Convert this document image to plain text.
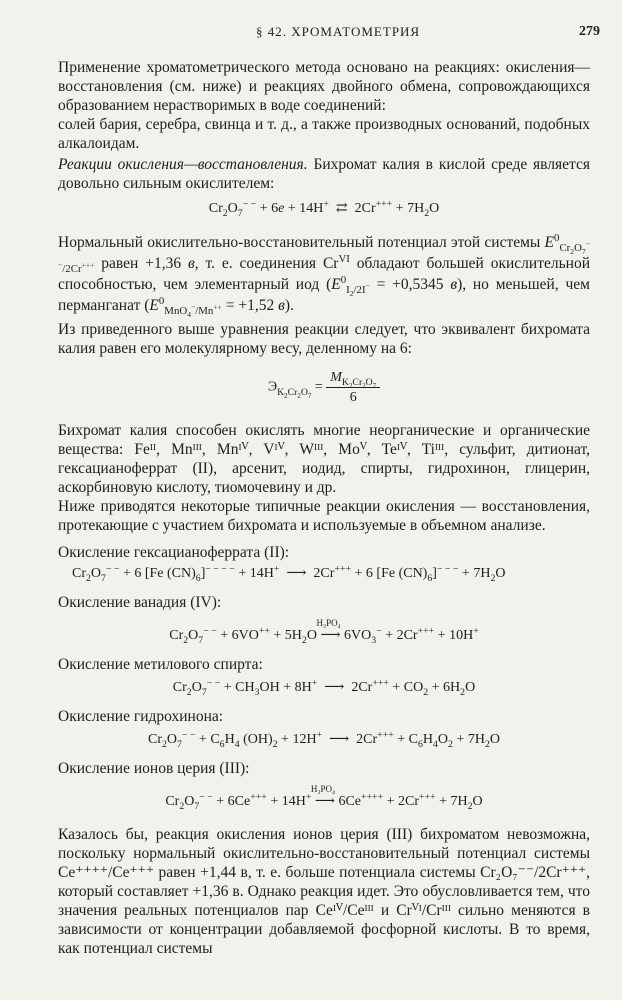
§ 42. ХРОМАТОМЕТРИЯ	279

Применение хроматометрического метода основано на реакциях: окисления—восстановления (см. ниже) и реакциях двойного обмена, сопровождающихся образованием нерастворимых в воде соединений:

солей бария, серебра, свинца и т. д., а также производных оснований, подобных алкалоидам.

Реакции окисления—восстановления. Бихромат калия в кислой среде является довольно сильным окислителем:

$Cr_2O_7^{- -} + 6e + 14H^+$  ⇄  $2Cr^{+++} + 7H_2O$

Нормальный окислительно-восстановительный потенциал этой системы $E^0_{Cr_2O_7^{- -}/2Cr^{+++}}$ равен +1,36 в, т. е. соединения $Cr^{VI}$ обладают большей окислительной способностью, чем элементарный иод ($E^0_{I_2/2I^-} = +0,5345$ в), но меньшей, чем перманганат ($E^0_{MnO_4^-/Mn^{++}} = +1,52$ в).

Из приведенного выше уравнения реакции следует, что эквивалент бихромата калия равен его молекулярному весу, деленному на 6:

$Э_{K_2Cr_2O_7} = \frac{M_{K_2Cr_2O_7}}{6}$

Бихромат калия способен окислять многие неорганические и органические вещества: Feᴵᴵ, Mnᴵᴵᴵ, Mnᴵⱽ, Vᴵⱽ, Wᴵᴵᴵ, Moⱽ, Teᴵⱽ, Tiᴵᴵᴵ, сульфит, дитионат, гексацианоферрат (II), арсенит, иодид, спирты, гидрохинон, глицерин, аскорбиновую кислоту, тиомочевину и др.

Ниже приводятся некоторые типичные реакции окисления — восстановления, протекающие с участием бихромата и используемые в объемном анализе.

Окисление гексацианоферрата (II):

$Cr_2O_7^{- -} + 6$ [Fe $(CN)_6]^{- - - -} + 14H^+$  ⟶  2Cr+++ + 6 [Fe $(CN)_6]^{- - -} + 7H_2O$

Окисление ванадия (IV):

$Cr_2O_7^{- -} + 6VO^{++} + 5H_2O$
H₃PO₄
⟶ $6VO_3^- + 2Cr^{+++} + 10H^+$

Окисление метилового спирта:

$Cr_2O_7^{- -} + CH_3OH + 8H^+$  ⟶  $2Cr^{+++} + CO_2 + 6H_2O$

Окисление гидрохинона:

$Cr_2O_7^{- -} + C_6H_4$ $(OH)_2 + 12H^+$  ⟶  $2Cr^{+++} + C_6H_4O_2 + 7H_2O$

Окисление ионов церия (III):

$Cr_2O_7^{- -} + 6Ce^{+++} + 14H^+$
H₃PO₄
⟶ $6Ce^{++++} + 2Cr^{+++} + 7H_2O$

Казалось бы, реакция окисления ионов церия (III) бихроматом невозможна, поскольку нормальный окислительно-восстановительный потенциал системы Ce⁺⁺⁺⁺/Ce⁺⁺⁺ равен +1,44 в, т. е. больше потенциала системы Cr₂O₇⁻⁻/2Cr⁺⁺⁺, который составляет +1,36 в. Однако реакция идет. Это обусловливается тем, что значения реальных потенциалов пар Ceᴵⱽ/Ceᴵᴵᴵ и Crⱽᴵ/Crᴵᴵᴵ сильно меняются в зависимости от концентрации добавляемой фосфорной кислоты. В то время, как потенциал системы
